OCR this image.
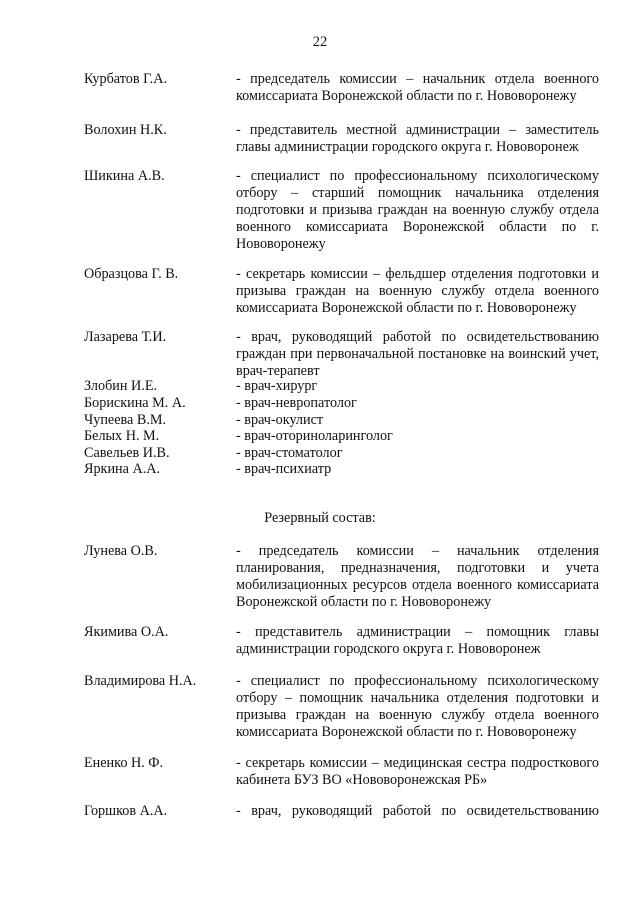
22
Курбатов Г.А.	- председатель комиссии – начальник отдела военного комиссариата Воронежской области по г. Нововоронежу
Волохин Н.К.	- представитель местной администрации – заместитель главы администрации городского округа г. Нововоронеж
Шикина А.В.	- специалист по профессиональному психологическому отбору – старший помощник начальника отделения подготовки и призыва граждан на военную службу отдела военного комиссариата Воронежской области по г. Нововоронежу
Образцова Г. В.	- секретарь комиссии – фельдшер отделения подготовки и призыва граждан на военную службу отдела военного комиссариата Воронежской области по г. Нововоронежу
Лазарева Т.И.	- врач, руководящий работой по освидетельствованию граждан при первоначальной постановке на воинский учет, врач-терапевт
Злобин И.Е.	- врач-хирург
Борискина М. А.	- врач-невропатолог
Чупеева В.М.	- врач-окулист
Белых Н. М.	- врач-оториноларинголог
Савельев И.В.	- врач-стоматолог
Яркина А.А.	- врач-психиатр
Резервный состав:
Лунева О.В.	- председатель комиссии – начальник отделения планирования, предназначения, подготовки и учета мобилизационных ресурсов отдела военного комиссариата Воронежской области по г. Нововоронежу
Якимива О.А.	- представитель администрации – помощник главы администрации городского округа г. Нововоронеж
Владимирова Н.А.	- специалист по профессиональному психологическому отбору – помощник начальника отделения подготовки и призыва граждан на военную службу отдела военного комиссариата Воронежской области по г. Нововоронежу
Ененко Н. Ф.	- секретарь комиссии – медицинская сестра подросткового кабинета БУЗ ВО «Нововоронежская РБ»
Горшков А.А.	- врач, руководящий работой по освидетельствованию
